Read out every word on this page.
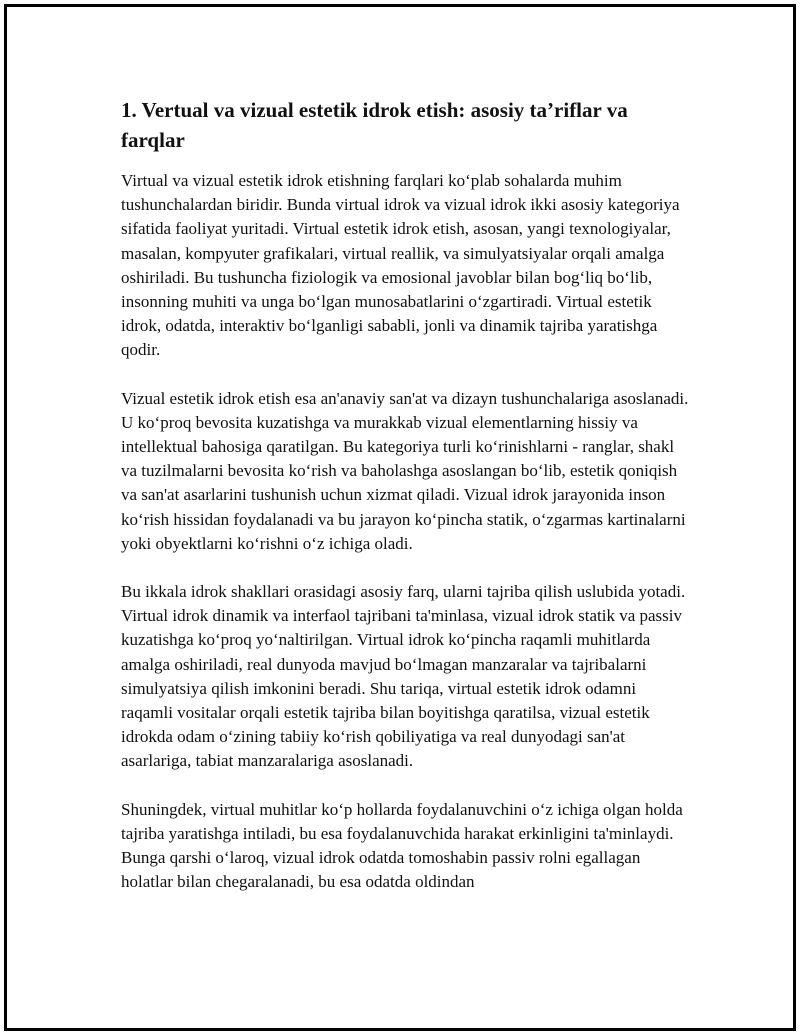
1. Vertual va vizual estetik idrok etish: asosiy ta’riflar va farqlar

Virtual va vizual estetik idrok etishning farqlari koʻplab sohalarda muhim tushunchalardan biridir. Bunda virtual idrok va vizual idrok ikki asosiy kategoriya sifatida faoliyat yuritadi. Virtual estetik idrok etish, asosan, yangi texnologiyalar, masalan, kompyuter grafikalari, virtual reallik, va simulyatsiyalar orqali amalga oshiriladi. Bu tushuncha fiziologik va emosional javoblar bilan bogʻliq boʻlib, insonning muhiti va unga boʻlgan munosabatlarini oʻzgartiradi. Virtual estetik idrok, odatda, interaktiv boʻlganligi sababli, jonli va dinamik tajriba yaratishga qodir.

Vizual estetik idrok etish esa an'anaviy san'at va dizayn tushunchalariga asoslanadi. U koʻproq bevosita kuzatishga va murakkab vizual elementlarning hissiy va intellektual bahosiga qaratilgan. Bu kategoriya turli koʻrinishlarni - ranglar, shakl va tuzilmalarni bevosita koʻrish va baholashga asoslangan boʻlib, estetik qoniqish va san'at asarlarini tushunish uchun xizmat qiladi. Vizual idrok jarayonida inson koʻrish hissidan foydalanadi va bu jarayon koʻpincha statik, oʻzgarmas kartinalarni yoki obyektlarni koʻrishni oʻz ichiga oladi.

Bu ikkala idrok shakllari orasidagi asosiy farq, ularni tajriba qilish uslubida yotadi. Virtual idrok dinamik va interfaol tajribani ta'minlasa, vizual idrok statik va passiv kuzatishga koʻproq yoʻnaltirilgan. Virtual idrok koʻpincha raqamli muhitlarda amalga oshiriladi, real dunyoda mavjud boʻlmagan manzaralar va tajribalarni simulyatsiya qilish imkonini beradi. Shu tariqa, virtual estetik idrok odamni raqamli vositalar orqali estetik tajriba bilan boyitishga qaratilsa, vizual estetik idrokda odam oʻzining tabiiy koʻrish qobiliyatiga va real dunyodagi san'at asarlariga, tabiat manzaralariga asoslanadi.

Shuningdek, virtual muhitlar koʻp hollarda foydalanuvchini oʻz ichiga olgan holda tajriba yaratishga intiladi, bu esa foydalanuvchida harakat erkinligini ta'minlaydi. Bunga qarshi oʻlaroq, vizual idrok odatda tomoshabin passiv rolni egallagan holatlar bilan chegaralanadi, bu esa odatda oldindan
